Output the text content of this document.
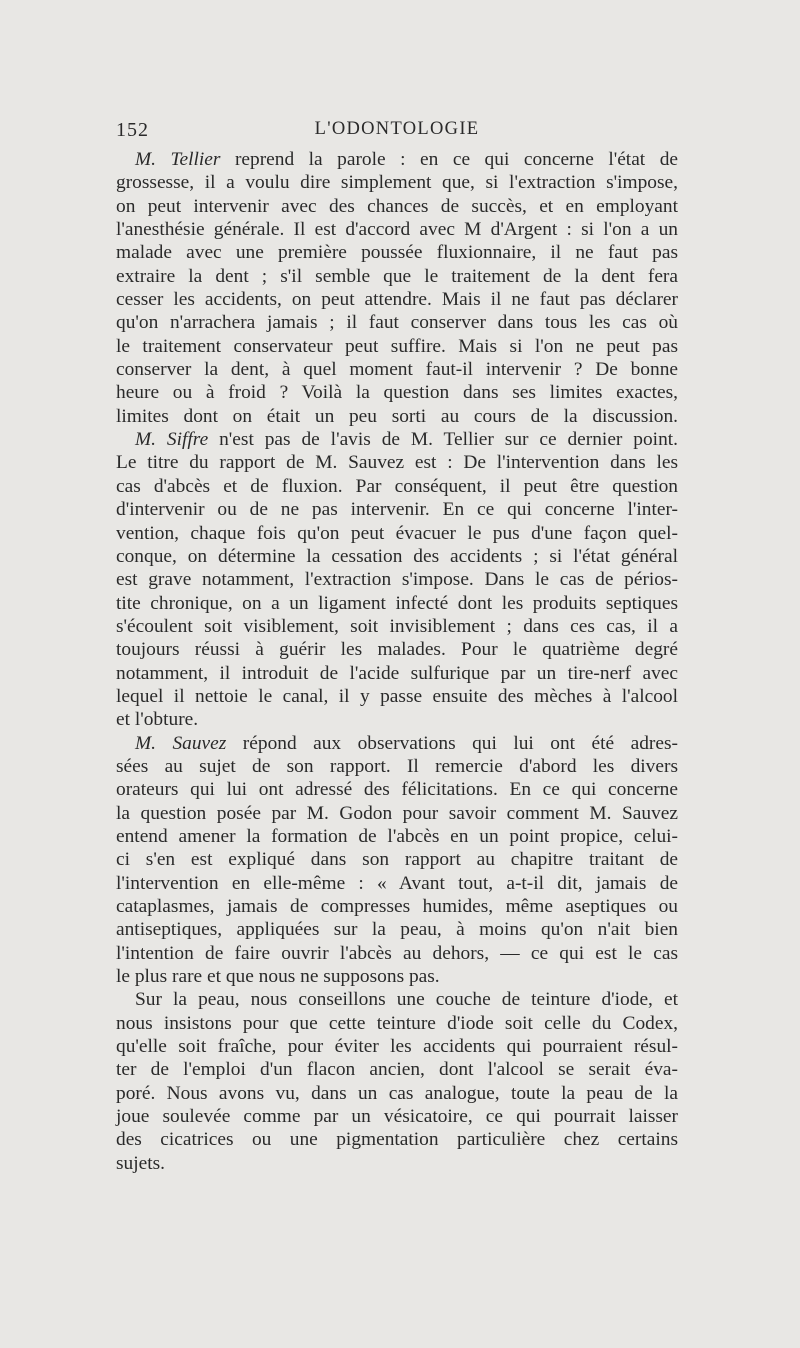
152	L'ODONTOLOGIE

M. Tellier reprend la parole : en ce qui concerne l'état de
grossesse, il a voulu dire simplement que, si l'extraction s'impose,
on peut intervenir avec des chances de succès, et en employant
l'anesthésie générale. Il est d'accord avec M d'Argent : si l'on a un
malade avec une première poussée fluxionnaire, il ne faut pas
extraire la dent ; s'il semble que le traitement de la dent fera
cesser les accidents, on peut attendre. Mais il ne faut pas déclarer
qu'on n'arrachera jamais ; il faut conserver dans tous les cas où
le traitement conservateur peut suffire. Mais si l'on ne peut pas
conserver la dent, à quel moment faut-il intervenir ? De bonne
heure ou à froid ? Voilà la question dans ses limites exactes,
limites dont on était un peu sorti au cours de la discussion.

M. Siffre n'est pas de l'avis de M. Tellier sur ce dernier point.
Le titre du rapport de M. Sauvez est : De l'intervention dans les
cas d'abcès et de fluxion. Par conséquent, il peut être question
d'intervenir ou de ne pas intervenir. En ce qui concerne l'inter-
vention, chaque fois qu'on peut évacuer le pus d'une façon quel-
conque, on détermine la cessation des accidents ; si l'état général
est grave notamment, l'extraction s'impose. Dans le cas de périos-
tite chronique, on a un ligament infecté dont les produits septiques
s'écoulent soit visiblement, soit invisiblement ; dans ces cas, il a
toujours réussi à guérir les malades. Pour le quatrième degré
notamment, il introduit de l'acide sulfurique par un tire-nerf avec
lequel il nettoie le canal, il y passe ensuite des mèches à l'alcool
et l'obture.

M. Sauvez répond aux observations qui lui ont été adres-
sées au sujet de son rapport. Il remercie d'abord les divers
orateurs qui lui ont adressé des félicitations. En ce qui concerne
la question posée par M. Godon pour savoir comment M. Sauvez
entend amener la formation de l'abcès en un point propice, celui-
ci s'en est expliqué dans son rapport au chapitre traitant de
l'intervention en elle-même : « Avant tout, a-t-il dit, jamais de
cataplasmes, jamais de compresses humides, même aseptiques ou
antiseptiques, appliquées sur la peau, à moins qu'on n'ait bien
l'intention de faire ouvrir l'abcès au dehors, — ce qui est le cas
le plus rare et que nous ne supposons pas.

Sur la peau, nous conseillons une couche de teinture d'iode, et
nous insistons pour que cette teinture d'iode soit celle du Codex,
qu'elle soit fraîche, pour éviter les accidents qui pourraient résul-
ter de l'emploi d'un flacon ancien, dont l'alcool se serait éva-
poré. Nous avons vu, dans un cas analogue, toute la peau de la
joue soulevée comme par un vésicatoire, ce qui pourrait laisser
des cicatrices ou une pigmentation particulière chez certains
sujets.
